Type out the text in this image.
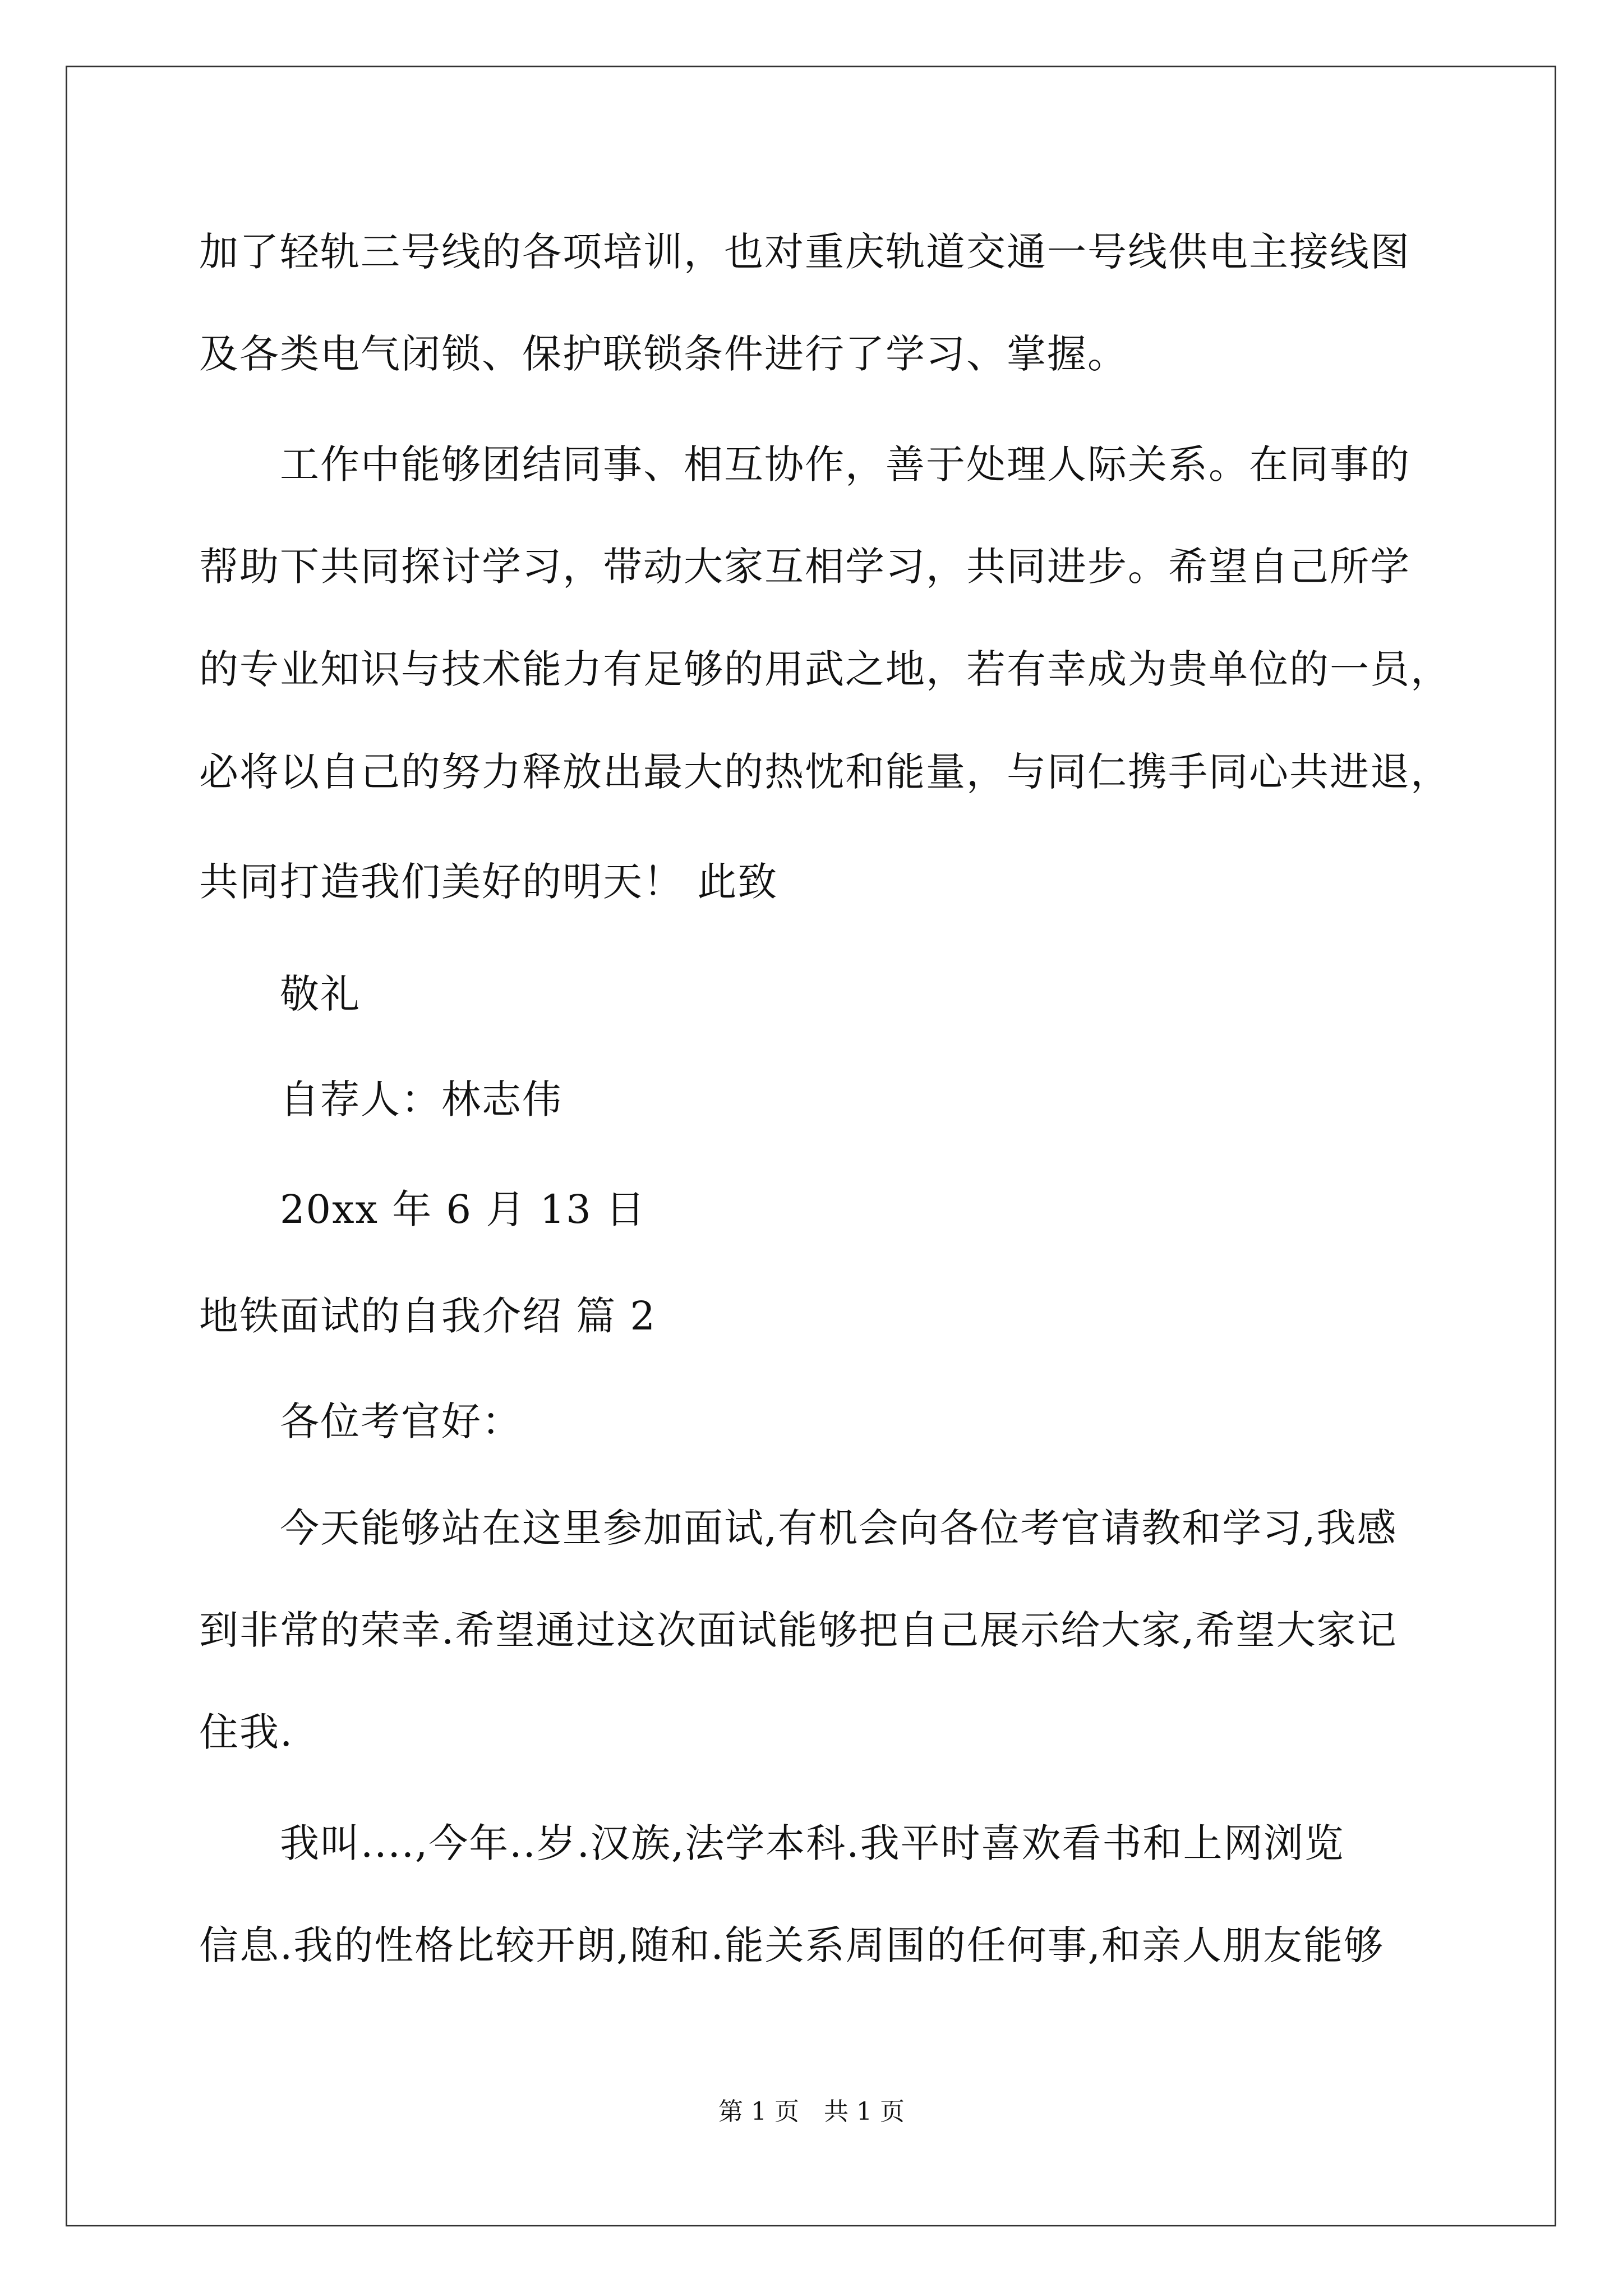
加了轻轨三号线的各项培训，也对重庆轨道交通一号线供电主接线图
及各类电气闭锁、保护联锁条件进行了学习、掌握。
　　工作中能够团结同事、相互协作，善于处理人际关系。在同事的
帮助下共同探讨学习，带动大家互相学习，共同进步。希望自己所学
的专业知识与技术能力有足够的用武之地，若有幸成为贵单位的一员，
必将以自己的努力释放出最大的热忱和能量，与同仁携手同心共进退，
共同打造我们美好的明天！ 此致
　　敬礼
　　自荐人：林志伟
　　20xx 年 6 月 13 日
地铁面试的自我介绍 篇 2
　　各位考官好：
　　今天能够站在这里参加面试,有机会向各位考官请教和学习,我感
到非常的荣幸.希望通过这次面试能够把自己展示给大家,希望大家记
住我.
　　我叫....,今年..岁.汉族,法学本科.我平时喜欢看书和上网浏览
信息.我的性格比较开朗,随和.能关系周围的任何事,和亲人朋友能够
第 1 页　共 1 页
